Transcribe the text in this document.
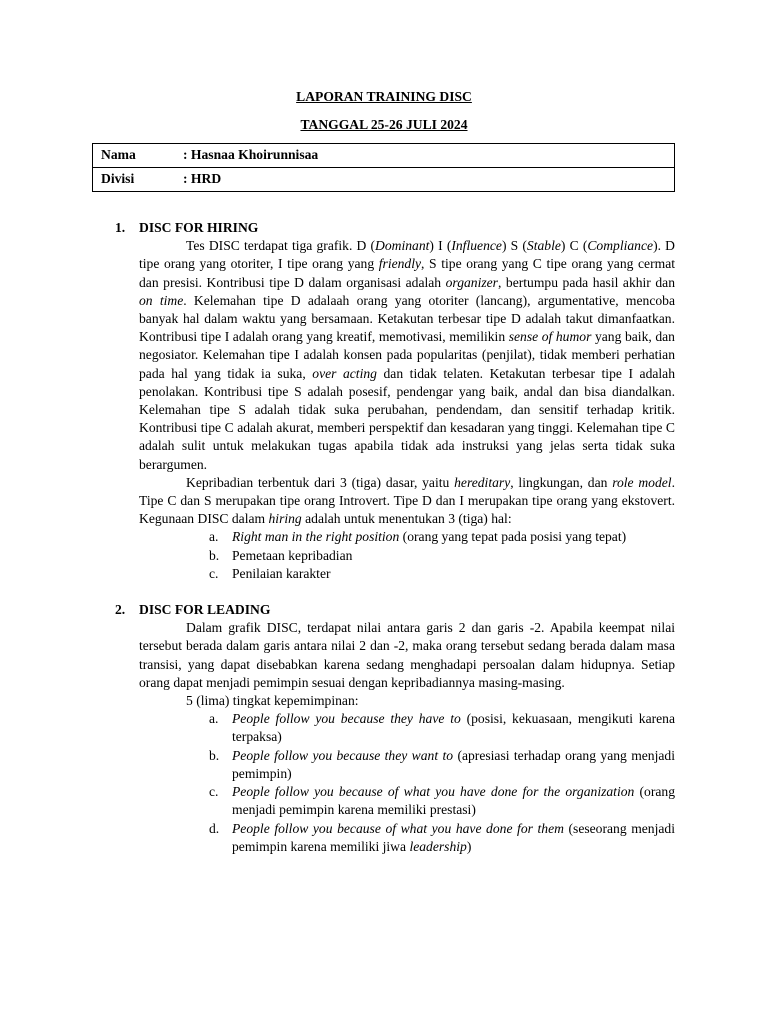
LAPORAN TRAINING DISC
TANGGAL 25-26 JULI 2024
Nama	: Hasnaa Khoirunnisaa
Divisi	: HRD
1. DISC FOR HIRING

Tes DISC terdapat tiga grafik. D (Dominant) I (Influence) S (Stable) C (Compliance). D tipe orang yang otoriter, I tipe orang yang friendly, S tipe orang yang C tipe orang yang cermat dan presisi. Kontribusi tipe D dalam organisasi adalah organizer, bertumpu pada hasil akhir dan on time. Kelemahan tipe D adalaah orang yang otoriter (lancang), argumentative, mencoba banyak hal dalam waktu yang bersamaan. Ketakutan terbesar tipe D adalah takut dimanfaatkan. Kontribusi tipe I adalah orang yang kreatif, memotivasi, memilikin sense of humor yang baik, dan negosiator. Kelemahan tipe I adalah konsen pada popularitas (penjilat), tidak memberi perhatian pada hal yang tidak ia suka, over acting dan tidak telaten. Ketakutan terbesar tipe I adalah penolakan. Kontribusi tipe S adalah posesif, pendengar yang baik, andal dan bisa diandalkan. Kelemahan tipe S adalah tidak suka perubahan, pendendam, dan sensitif terhadap kritik. Kontribusi tipe C adalah akurat, memberi perspektif dan kesadaran yang tinggi. Kelemahan tipe C adalah sulit untuk melakukan tugas apabila tidak ada instruksi yang jelas serta tidak suka berargumen.

Kepribadian terbentuk dari 3 (tiga) dasar, yaitu hereditary, lingkungan, dan role model. Tipe C dan S merupakan tipe orang Introvert. Tipe D dan I merupakan tipe orang yang ekstovert. Kegunaan DISC dalam hiring adalah untuk menentukan 3 (tiga) hal:

a. Right man in the right position (orang yang tepat pada posisi yang tepat)
b. Pemetaan kepribadian
c. Penilaian karakter
2. DISC FOR LEADING

Dalam grafik DISC, terdapat nilai antara garis 2 dan garis -2. Apabila keempat nilai tersebut berada dalam garis antara nilai 2 dan -2, maka orang tersebut sedang berada dalam masa transisi, yang dapat disebabkan karena sedang menghadapi persoalan dalam hidupnya. Setiap orang dapat menjadi pemimpin sesuai dengan kepribadiannya masing-masing.

5 (lima) tingkat kepemimpinan:

a. People follow you because they have to (posisi, kekuasaan, mengikuti karena terpaksa)
b. People follow you because they want to (apresiasi terhadap orang yang menjadi pemimpin)
c. People follow you because of what you have done for the organization (orang menjadi pemimpin karena memiliki prestasi)
d. People follow you because of what you have done for them (seseorang menjadi pemimpin karena memiliki jiwa leadership)
